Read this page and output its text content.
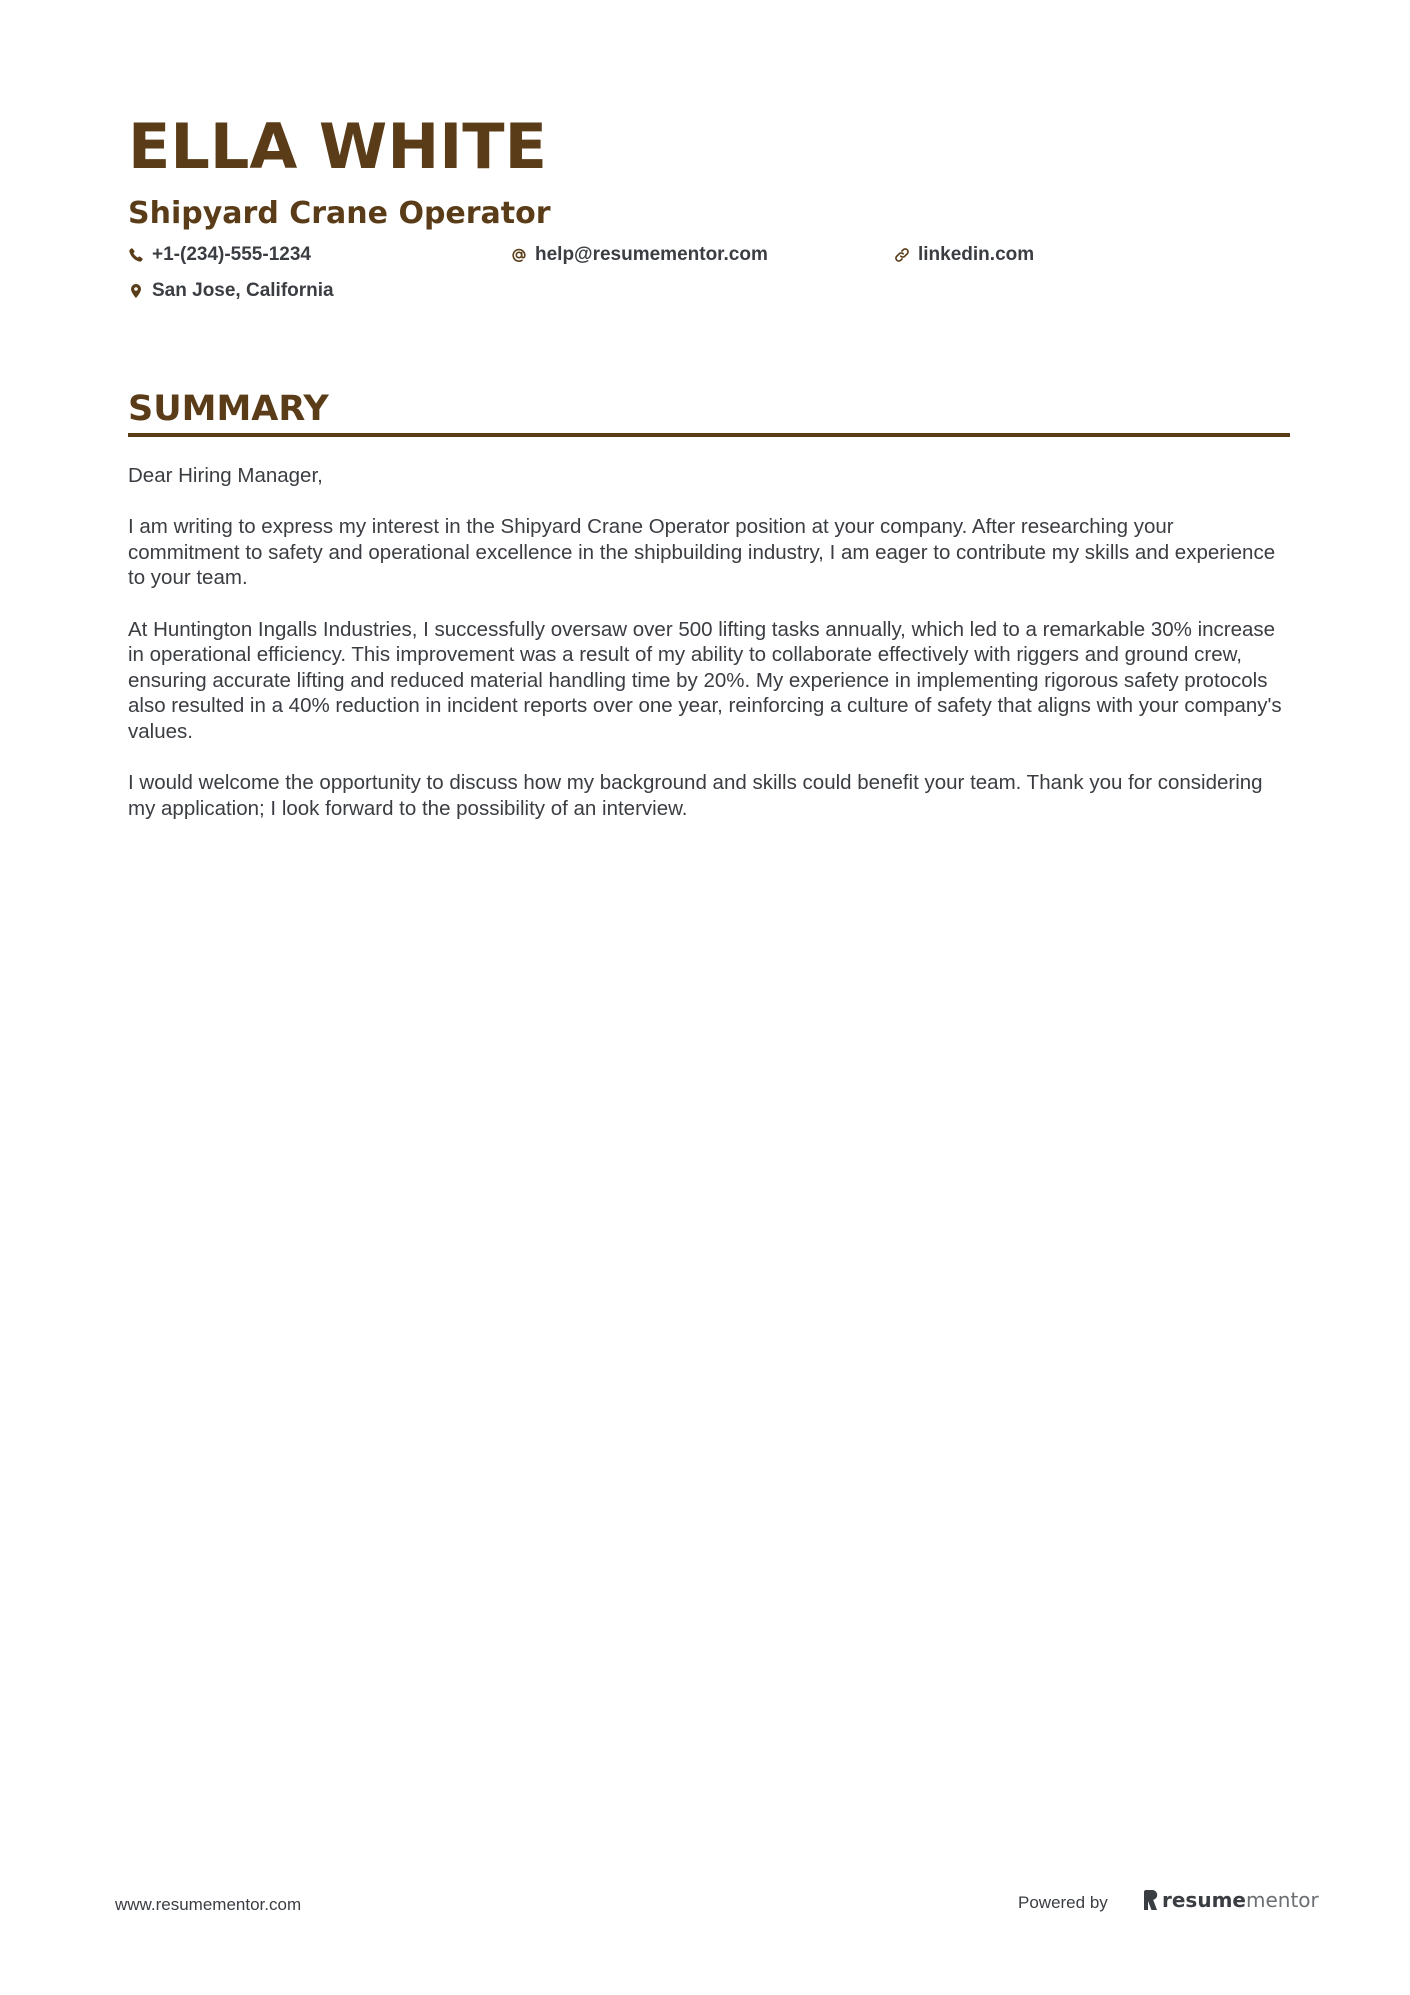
ELLA WHITE
Shipyard Crane Operator
+1-(234)-555-1234	help@resumementor.com	linkedin.com
San Jose, California
SUMMARY

Dear Hiring Manager,

I am writing to express my interest in the Shipyard Crane Operator position at your company. After researching your commitment to safety and operational excellence in the shipbuilding industry, I am eager to contribute my skills and experience to your team.

At Huntington Ingalls Industries, I successfully oversaw over 500 lifting tasks annually, which led to a remarkable 30% increase in operational efficiency. This improvement was a result of my ability to collaborate effectively with riggers and ground crew, ensuring accurate lifting and reduced material handling time by 20%. My experience in implementing rigorous safety protocols also resulted in a 40% reduction in incident reports over one year, reinforcing a culture of safety that aligns with your company's values.

I would welcome the opportunity to discuss how my background and skills could benefit your team. Thank you for considering my application; I look forward to the possibility of an interview.

www.resumementor.com	Powered by	resume mentor
